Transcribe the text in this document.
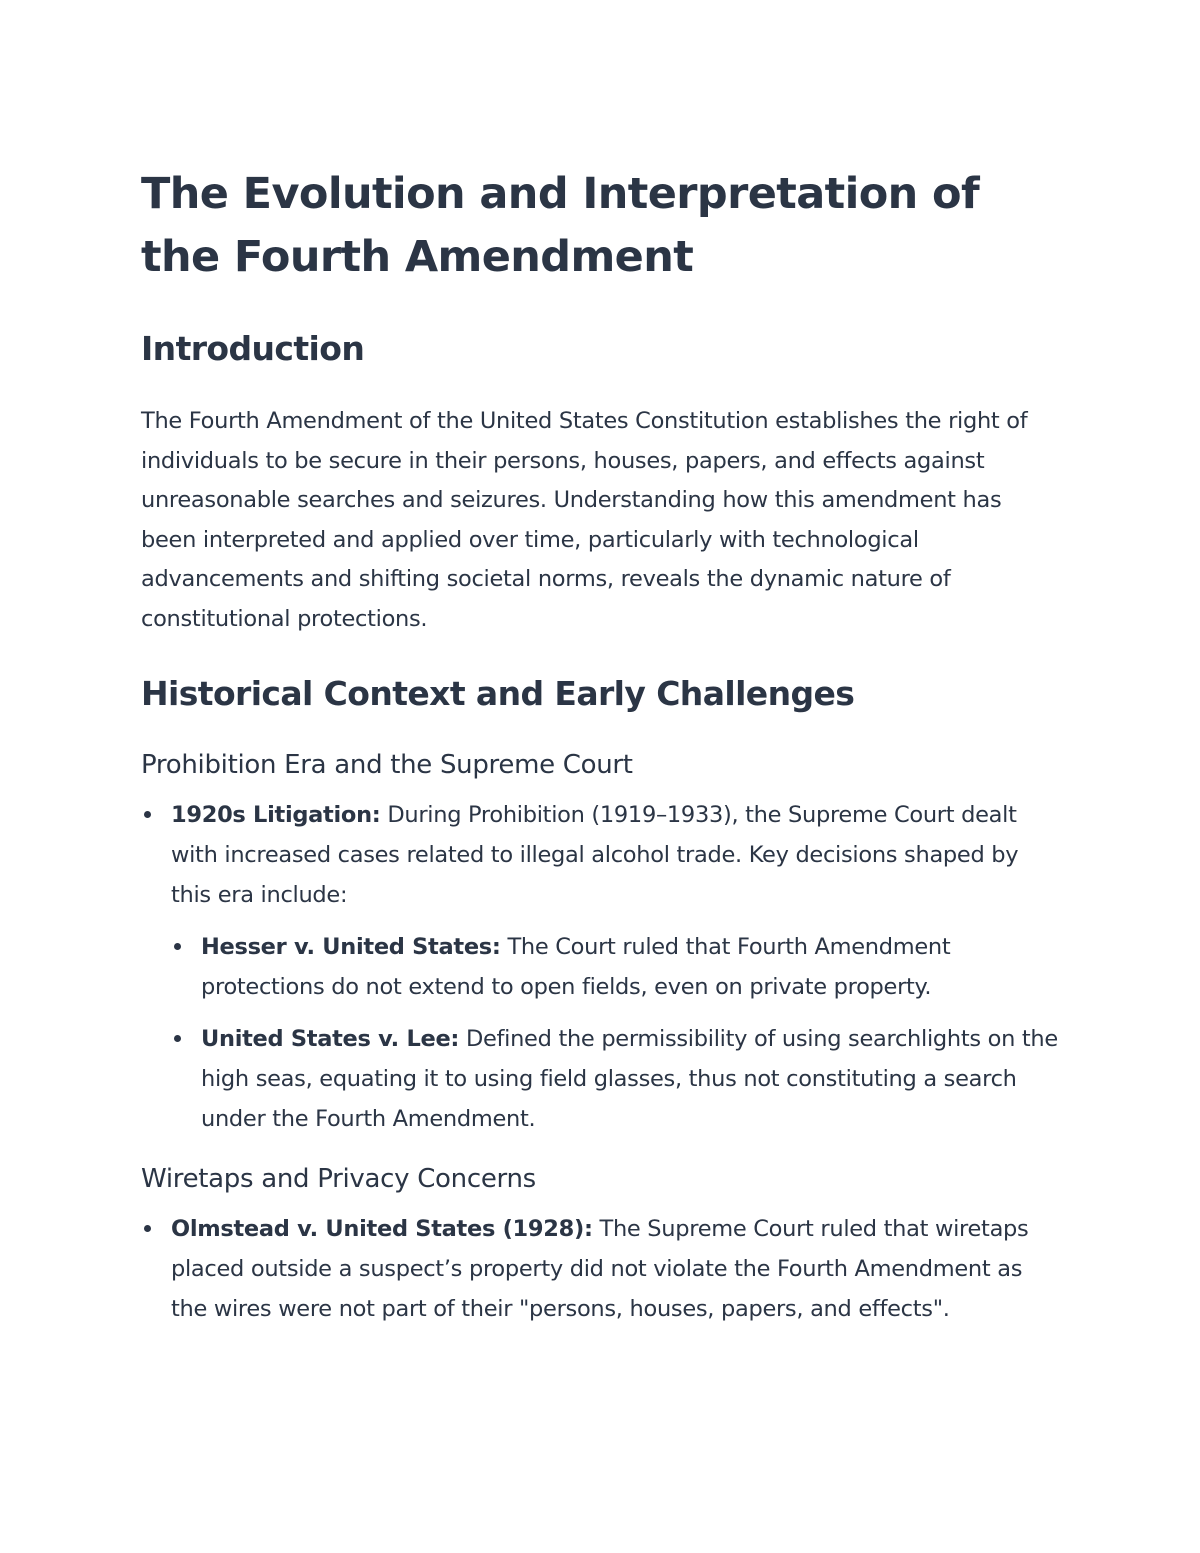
The Evolution and Interpretation of the Fourth Amendment
Introduction

The Fourth Amendment of the United States Constitution establishes the right of individuals to be secure in their persons, houses, papers, and effects against unreasonable searches and seizures. Understanding how this amendment has been interpreted and applied over time, particularly with technological advancements and shifting societal norms, reveals the dynamic nature of constitutional protections.

Historical Context and Early Challenges
Prohibition Era and the Supreme Court
1920s Litigation: During Prohibition (1919–1933), the Supreme Court dealt with increased cases related to illegal alcohol trade. Key decisions shaped by this era include:
Hesser v. United States: The Court ruled that Fourth Amendment protections do not extend to open fields, even on private property.
United States v. Lee: Defined the permissibility of using searchlights on the high seas, equating it to using field glasses, thus not constituting a search under the Fourth Amendment.
Wiretaps and Privacy Concerns
Olmstead v. United States (1928): The Supreme Court ruled that wiretaps placed outside a suspect’s property did not violate the Fourth Amendment as the wires were not part of their "persons, houses, papers, and effects".
